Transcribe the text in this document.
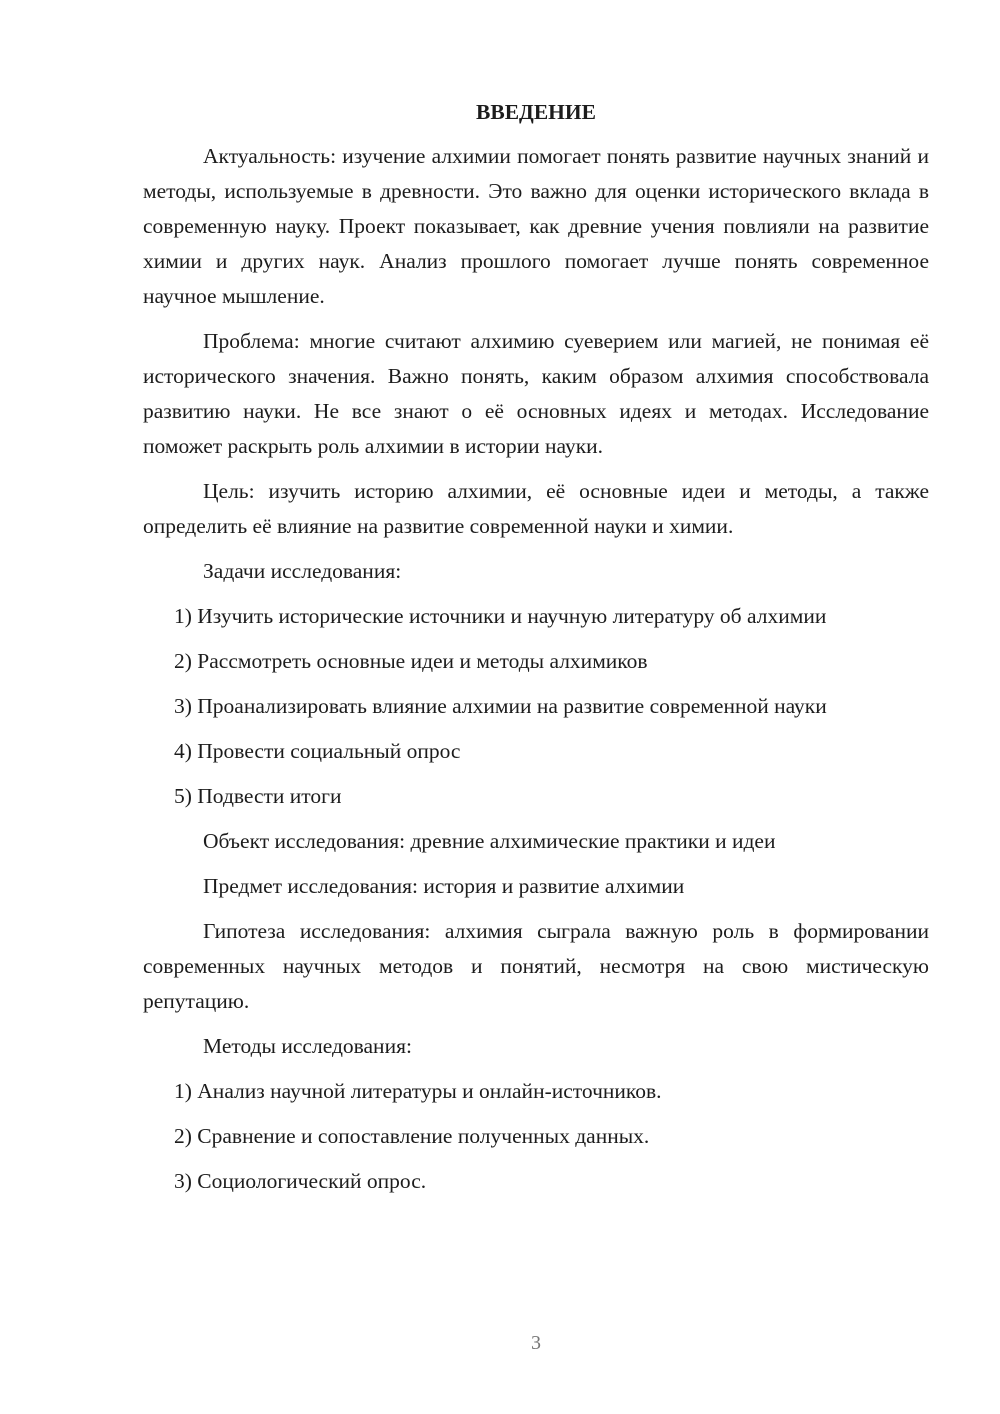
ВВЕДЕНИЕ
Актуальность: изучение алхимии помогает понять развитие научных знаний и методы, используемые в древности. Это важно для оценки исторического вклада в современную науку. Проект показывает, как древние учения повлияли на развитие химии и других наук. Анализ прошлого помогает лучше понять современное научное мышление.
Проблема: многие считают алхимию суеверием или магией, не понимая её исторического значения. Важно понять, каким образом алхимия способствовала развитию науки. Не все знают о её основных идеях и методах. Исследование поможет раскрыть роль алхимии в истории науки.
Цель: изучить историю алхимии, её основные идеи и методы, а также определить её влияние на развитие современной науки и химии.
Задачи исследования:
1) Изучить исторические источники и научную литературу об алхимии
2) Рассмотреть основные идеи и методы алхимиков
3) Проанализировать влияние алхимии на развитие современной науки
4) Провести социальный опрос
5) Подвести итоги
Объект исследования: древние алхимические практики и идеи
Предмет исследования: история и развитие алхимии
Гипотеза исследования: алхимия сыграла важную роль в формировании современных научных методов и понятий, несмотря на свою мистическую репутацию.
Методы исследования:
1) Анализ научной литературы и онлайн-источников.
2) Сравнение и сопоставление полученных данных.
3) Социологический опрос.
3
